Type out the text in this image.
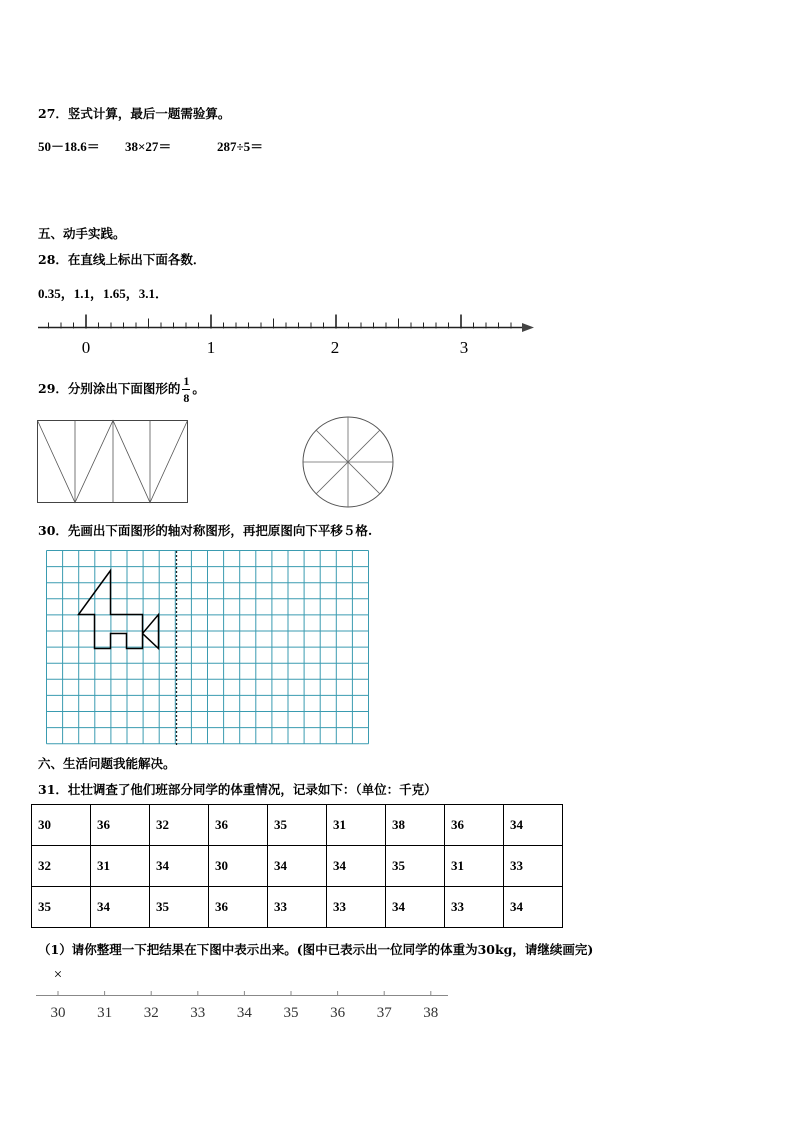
27．竖式计算，最后一题需验算。
50－18.6＝ 38×27＝	287÷5＝
五、动手实践。
28．在直线上标出下面各数．
0.35，1.1，1.65，3.1．
0	1	2	3
29．分别涂出下面图形的 $\frac{1}{8}$ 。
30．先画出下面图形的轴对称图形，再把原图向下平移５格.
六、生活问题我能解决。
31．壮壮调查了他们班部分同学的体重情况，记录如下：（单位：千克）
30	36	32	36	35	31	38	36	34
32	31	34	30	34	34	35	31	33
35	34	35	36	33	33	34	33	34
（1）请你整理一下把结果在下图中表示出来。(图中已表示出一位同学的体重为30kg，请继续画完)
×
30 31 32 33 34 35 36 37 38
